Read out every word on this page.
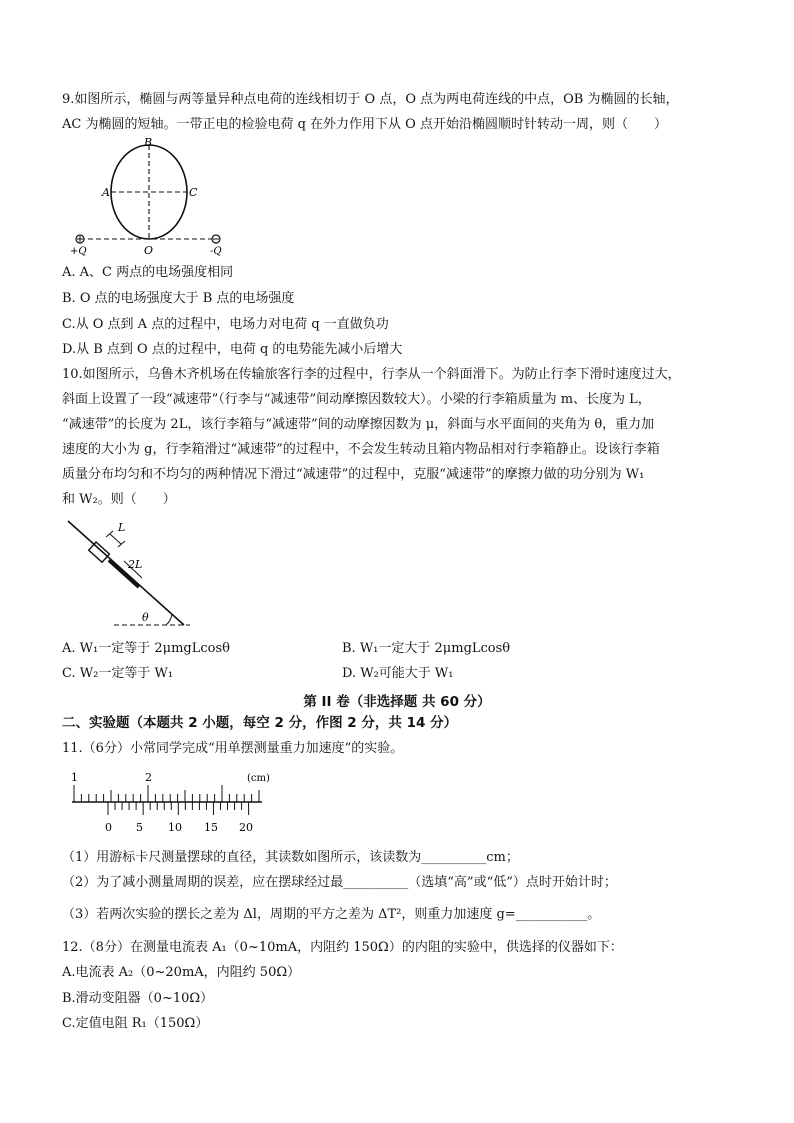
9.如图所示，椭圆与两等量异种点电荷的连线相切于 O 点，O 点为两电荷连线的中点，OB 为椭圆的长轴，
AC 为椭圆的短轴。一带正电的检验电荷 q 在外力作用下从 O 点开始沿椭圆顺时针转动一周，则（　　）
B
A	C
O
+Q	-Q
A. A、C 两点的电场强度相同
B. O 点的电场强度大于 B 点的电场强度
C.从 O 点到 A 点的过程中，电场力对电荷 q 一直做负功
D.从 B 点到 O 点的过程中，电荷 q 的电势能先减小后增大
10.如图所示，乌鲁木齐机场在传输旅客行李的过程中，行李从一个斜面滑下。为防止行李下滑时速度过大，
斜面上设置了一段“减速带”（行李与“减速带”间动摩擦因数较大）。小梁的行李箱质量为 m、长度为 L，
“减速带”的长度为 2L，该行李箱与“减速带”间的动摩擦因数为 μ，斜面与水平面间的夹角为 θ，重力加
速度的大小为 g，行李箱滑过“减速带”的过程中，不会发生转动且箱内物品相对行李箱静止。设该行李箱
质量分布均匀和不均匀的两种情况下滑过“减速带”的过程中，克服“减速带”的摩擦力做的功分别为 W₁
和 W₂。则（　　）
L
2L
θ
A. W₁一定等于 2μmgLcosθ	B. W₁一定大于 2μmgLcosθ
C. W₂一定等于 W₁	D. W₂可能大于 W₁
第 II 卷（非选择题 共 60 分）
二、实验题（本题共 2 小题，每空 2 分，作图 2 分，共 14 分）
11.（6分）小常同学完成“用单摆测量重力加速度”的实验。
1	2	(cm)
0 5 10 15 20
（1）用游标卡尺测量摆球的直径，其读数如图所示，该读数为__________cm；
（2）为了减小测量周期的误差，应在摆球经过最__________（选填“高”或“低”）点时开始计时；
（3）若两次实验的摆长之差为 Δl，周期的平方之差为 ΔT²，则重力加速度 g=___________。
12.（8分）在测量电流表 A₁（0~10mA，内阻约 150Ω）的内阻的实验中，供选择的仪器如下：
A.电流表 A₂（0~20mA，内阻约 50Ω）
B.滑动变阻器（0~10Ω）
C.定值电阻 R₁（150Ω）
